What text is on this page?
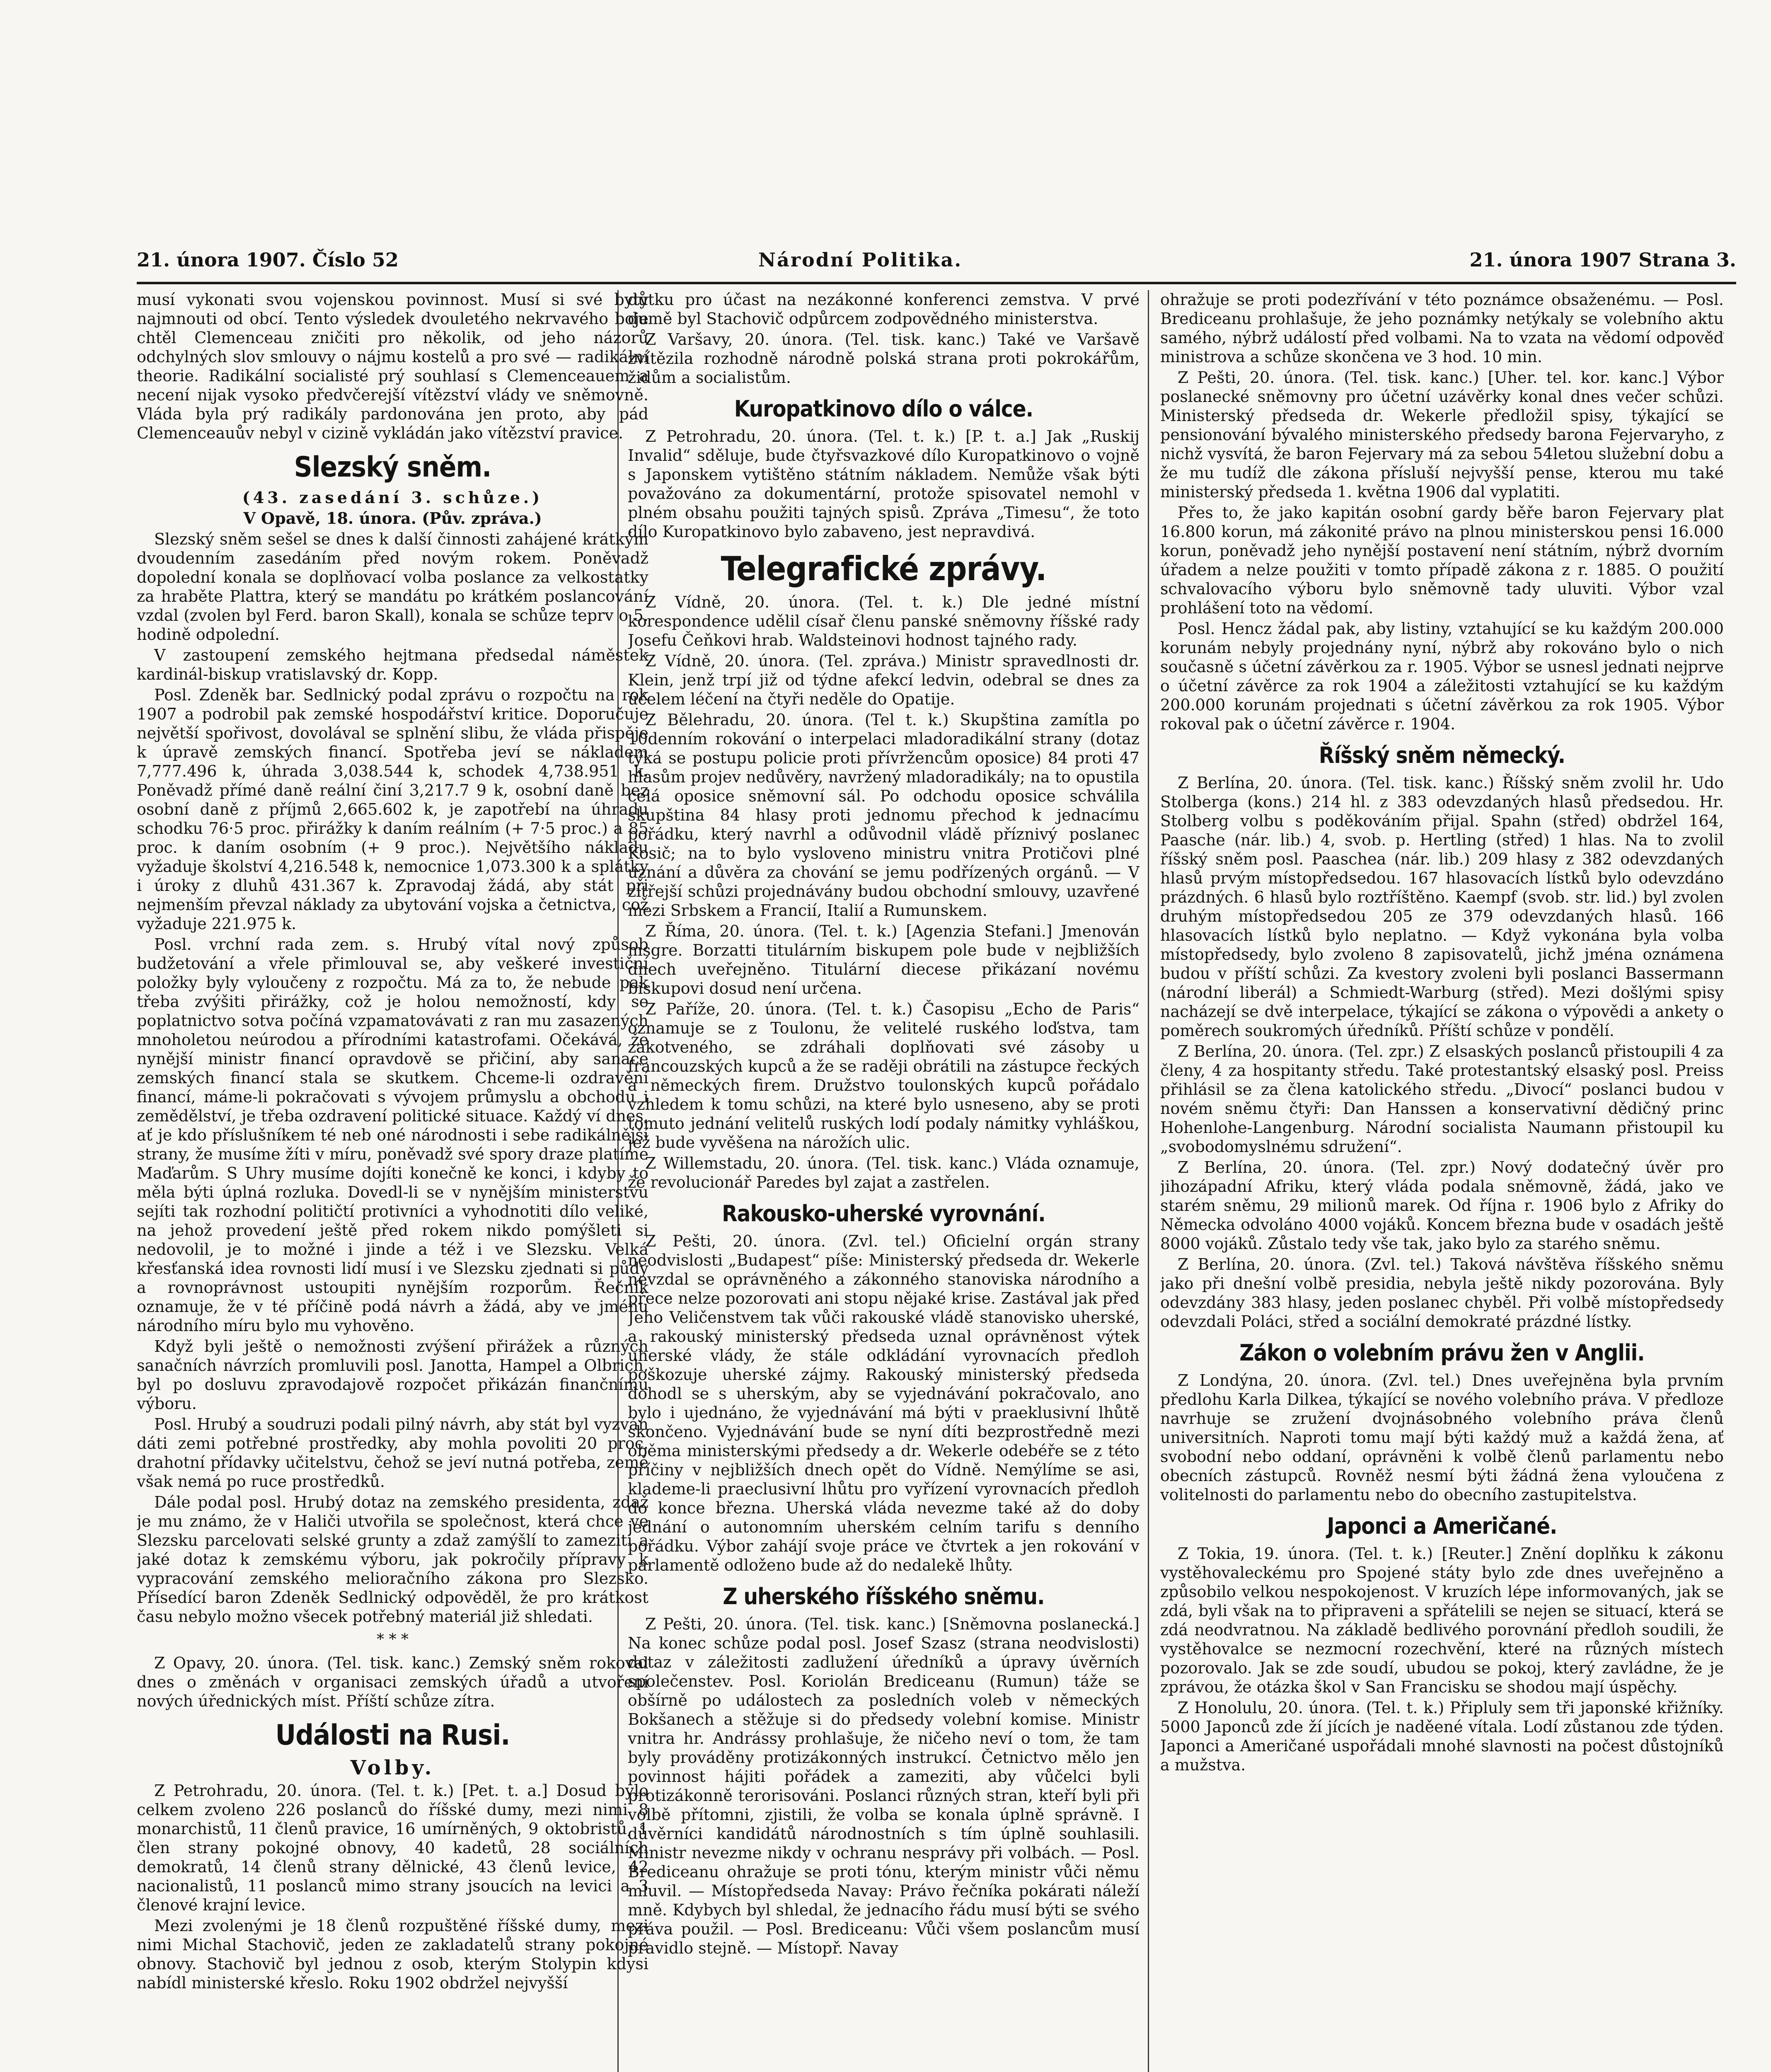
21. února 1907. Číslo 52	Národní Politika.	21. února 1907 Strana 3.

musí vykonati svou vojenskou povinnost. Musí si své byty najmnouti od obcí. Tento výsledek dvouletého nekrvavého boje chtěl Clemenceau zničiti pro několik, od jeho názorů odchylných slov smlouvy o nájmu kostelů a pro své — radikální theorie. Radikální socialisté prý souhlasí s Clemenceauem a necení nijak vysoko předvčerejší vítězství vlády ve sněmovně. Vláda byla prý radikály pardonována jen proto, aby pád Clemenceauův nebyl v cizině vykládán jako vítězství pravice.

Slezský sněm.

(43. zasedání 3. schůze.)

V Opavě, 18. února. (Pův. zpráva.)

Slezský sněm sešel se dnes k další činnosti zahájené krátkým dvoudenním zasedáním před novým rokem. Poněvadž dopolední konala se doplňovací volba poslance za velkostatky za hraběte Plattra, který se mandátu po krátkém poslancování vzdal (zvolen byl Ferd. baron Skall), konala se schůze teprv o 5. hodině odpolední.

V zastoupení zemského hejtmana předsedal náměstek kardinál-biskup vratislavský dr. Kopp.

Posl. Zdeněk bar. Sedlnický podal zprávu o rozpočtu na rok 1907 a podrobil pak zemské hospodářství kritice. Doporučuje největší spořivost, dovolával se splnění slibu, že vláda přispěje k úpravě zemských financí. Spotřeba jeví se nákladem 7,777.496 k, úhrada 3,038.544 k, schodek 4,738.951 k. Poněvadž přímé daně reální činí 3,217.7 9 k, osobní daně bez osobní daně z příjmů 2,665.602 k, je zapotřebí na úhradu schodku 76·5 proc. přirážky k daním reálním (+ 7·5 proc.) a 85 proc. k daním osobním (+ 9 proc.). Největšího nákladu vyžaduje školství 4,216.548 k, nemocnice 1,073.300 k a splátky i úroky z dluhů 431.367 k. Zpravodaj žádá, aby stát při nejmenším převzal náklady za ubytování vojska a četnictva, což vyžaduje 221.975 k.

Posl. vrchní rada zem. s. Hrubý vítal nový způsob budžetování a vřele přimlouval se, aby veškeré investiční položky byly vyloučeny z rozpočtu. Má za to, že nebude pak třeba zvýšiti přirážky, což je holou nemožností, kdy se poplatnictvo sotva počíná vzpamatovávati z ran mu zasazených mnoholetou neúrodou a přírodními katastrofami. Očekává, že nynější ministr financí opravdově se přičiní, aby sanace zemských financí stala se skutkem. Chceme-li ozdravění financí, máme-li pokračovati s vývojem průmyslu a obchodu i zemědělství, je třeba ozdravení politické situace. Každý ví dnes, ať je kdo příslušníkem té neb oné národnosti i sebe radikálnější strany, že musíme žíti v míru, poněvadž své spory draze platíme Maďarům. S Uhry musíme dojíti konečně ke konci, i kdyby to měla býti úplná rozluka. Dovedl-li se v nynějším ministerstvu sejíti tak rozhodní političtí protivníci a vyhodnotiti dílo veliké, na jehož provedení ještě před rokem nikdo pomýšleti si nedovolil, je to možné i jinde a též i ve Slezsku. Velká křesťanská idea rovnosti lidí musí i ve Slezsku zjednati si půdy a rovnoprávnost ustoupiti nynějším rozporům. Řečník oznamuje, že v té příčině podá návrh a žádá, aby ve jménu národního míru bylo mu vyhověno.

Když byli ještě o nemožnosti zvýšení přirážek a různých sanačních návrzích promluvili posl. Janotta, Hampel a Olbrich, byl po dosluvu zpravodajově rozpočet přikázán finančnímu výboru.

Posl. Hrubý a soudruzi podali pilný návrh, aby stát byl vyzván dáti zemi potřebné prostředky, aby mohla povoliti 20 proc. drahotní přídavky učitelstvu, čehož se jeví nutná potřeba, země však nemá po ruce prostředků.

Dále podal posl. Hrubý dotaz na zemského presidenta, zdaž je mu známo, že v Haliči utvořila se společnost, která chce ve Slezsku parcelovati selské grunty a zdaž zamýšlí to zameziti a jaké dotaz k zemskému výboru, jak pokročily přípravy k vypracování zemského melioračního zákona pro Slezsko. Přísedící baron Zdeněk Sedlnický odpověděl, že pro krátkost času nebylo možno všecek potřebný materiál již shledati.

* * *

Z Opavy, 20. února. (Tel. tisk. kanc.) Zemský sněm rokoval dnes o změnách v organisaci zemských úřadů a utvoření nových úřednických míst. Příští schůze zítra.

Události na Rusi.

Volby.

Z Petrohradu, 20. února. (Tel. t. k.) [Pet. t. a.] Dosud bylo celkem zvoleno 226 poslanců do říšské dumy, mezi nimi 8 monarchistů, 11 členů pravice, 16 umírněných, 9 oktobristů, 1 člen strany pokojné obnovy, 40 kadetů, 28 sociálních demokratů, 14 členů strany dělnické, 43 členů levice, 42 nacionalistů, 11 poslanců mimo strany jsoucích na levici a 3 členové krajní levice.

Mezi zvolenými je 18 členů rozpuštěné říšské dumy, mezi nimi Michal Stachovič, jeden ze zakladatelů strany pokojné obnovy. Stachovič byl jednou z osob, kterým Stolypin kdysi nabídl ministerské křeslo. Roku 1902 obdržel nejvyšší

důtku pro účast na nezákonné konferenci zemstva. V prvé dumě byl Stachovič odpůrcem zodpovědného ministerstva.

Z Varšavy, 20. února. (Tel. tisk. kanc.) Také ve Varšavě zvítězila rozhodně národně polská strana proti pokrokářům, židům a socialistům.

Kuropatkinovo dílo o válce.

Z Petrohradu, 20. února. (Tel. t. k.) [P. t. a.] Jak „Ruskij Invalid“ sděluje, bude čtyřsvazkové dílo Kuropatkinovo o vojně s Japonskem vytištěno státním nákladem. Nemůže však býti považováno za dokumentární, protože spisovatel nemohl v plném obsahu použiti tajných spisů. Zpráva „Timesu“, že toto dílo Kuropatkinovo bylo zabaveno, jest nepravdivá.

Telegrafické zprávy.

Z Vídně, 20. února. (Tel. t. k.) Dle jedné místní korespondence udělil císař členu panské sněmovny říšské rady Josefu Čeňkovi hrab. Waldsteinovi hodnost tajného rady.

Z Vídně, 20. února. (Tel. zpráva.) Ministr spravedlnosti dr. Klein, jenž trpí již od týdne afekcí ledvin, odebral se dnes za účelem léčení na čtyři neděle do Opatije.

Z Bělehradu, 20. února. (Tel t. k.) Skupština zamítla po 10denním rokování o interpelaci mladoradikální strany (dotaz týká se postupu policie proti přívržencům oposice) 84 proti 47 hlasům projev nedůvěry, navržený mladoradikály; na to opustila celá oposice sněmovní sál. Po odchodu oposice schválila skupština 84 hlasy proti jednomu přechod k jednacímu pořádku, který navrhl a odůvodnil vládě příznivý poslanec Kosič; na to bylo vysloveno ministru vnitra Protičovi plné uznání a důvěra za chování se jemu podřízených orgánů. — V zítřejší schůzi projednávány budou obchodní smlouvy, uzavřené mezi Srbskem a Francií, Italií a Rumunskem.

Z Říma, 20. února. (Tel. t. k.) [Agenzia Stefani.] Jmenován msgre. Borzatti titulárním biskupem pole bude v nejbližších dnech uveřejněno. Titulární diecese přikázaní novému biskupovi dosud není určena.

Z Paříže, 20. února. (Tel. t. k.) Časopisu „Echo de Paris“ oznamuje se z Toulonu, že velitelé ruského loďstva, tam zakotveného, se zdráhali doplňovati své zásoby u francouzských kupců a že se raději obrátili na zástupce řeckých a německých firem. Družstvo toulonských kupců pořádalo vzhledem k tomu schůzi, na které bylo usneseno, aby se proti tomuto jednání velitelů ruských lodí podaly námitky vyhláškou, jež bude vyvěšena na nárožích ulic.

Z Willemstadu, 20. února. (Tel. tisk. kanc.) Vláda oznamuje, že revolucionář Paredes byl zajat a zastřelen.

Rakousko-uherské vyrovnání.

Z Pešti, 20. února. (Zvl. tel.) Oficielní orgán strany neodvislosti „Budapest“ píše: Ministerský předseda dr. Wekerle nevzdal se oprávněného a zákonného stanoviska národního a přece nelze pozorovati ani stopu nějaké krise. Zastával jak před Jeho Veličenstvem tak vůči rakouské vládě stanovisko uherské, a rakouský ministerský předseda uznal oprávněnost výtek uherské vlády, že stále odkládání vyrovnacích předloh poškozuje uherské zájmy. Rakouský ministerský předseda dohodl se s uherským, aby se vyjednávání pokračovalo, ano bylo i ujednáno, že vyjednávání má býti v praeklusivní lhůtě skončeno. Vyjednávání bude se nyní díti bezprostředně mezi oběma ministerskými předsedy a dr. Wekerle odebéře se z této příčiny v nejbližších dnech opět do Vídně. Nemýlíme se asi, klademe-li praeclusivní lhůtu pro vyřízení vyrovnacích předloh do konce března. Uherská vláda nevezme také až do doby jednání o autonomním uherském celním tarifu s denního pořádku. Výbor zahájí svoje práce ve čtvrtek a jen rokování v parlamentě odloženo bude až do nedalekě lhůty.

Z uherského říšského sněmu.

Z Pešti, 20. února. (Tel. tisk. kanc.) [Sněmovna poslanecká.] Na konec schůze podal posl. Josef Szasz (strana neodvislosti) dotaz v záležitosti zadlužení úředníků a úpravy úvěrních společenstev. Posl. Koriolán Brediceanu (Rumun) táže se obšírně po událostech za posledních voleb v německých Bokšanech a stěžuje si do předsedy volební komise. Ministr vnitra hr. Andrássy prohlašuje, že ničeho neví o tom, že tam byly prováděny protizákonných instrukcí. Četnictvo mělo jen povinnost hájiti pořádek a zameziti, aby vůčelci byli protizákonně terorisováni. Poslanci různých stran, kteří byli při volbě přítomni, zjistili, že volba se konala úplně správně. I důvěrníci kandidátů národnostních s tím úplně souhlasili. Ministr nevezme nikdy v ochranu nesprávy při volbách. — Posl. Brediceanu ohražuje se proti tónu, kterým ministr vůči němu mluvil. — Místopředseda Navay: Právo řečníka pokárati náleží mně. Kdybych byl shledal, že jednacího řádu musí býti se svého práva použil. — Posl. Brediceanu: Vůči všem poslancům musí pravidlo stejně. — Místopř. Navay

ohražuje se proti podezřívání v této poznámce obsaženému. — Posl. Brediceanu prohlašuje, že jeho poznámky netýkaly se volebního aktu samého, nýbrž událostí před volbami. Na to vzata na vědomí odpověď ministrova a schůze skončena ve 3 hod. 10 min.

Z Pešti, 20. února. (Tel. tisk. kanc.) [Uher. tel. kor. kanc.] Výbor poslanecké sněmovny pro účetní uzávěrky konal dnes večer schůzi. Ministerský předseda dr. Wekerle předložil spisy, týkající se pensionování bývalého ministerského předsedy barona Fejervaryho, z nichž vysvítá, že baron Fejervary má za sebou 54letou služební dobu a že mu tudíž dle zákona přísluší nejvyšší pense, kterou mu také ministerský předseda 1. května 1906 dal vyplatiti.

Přes to, že jako kapitán osobní gardy běře baron Fejervary plat 16.800 korun, má zákonité právo na plnou ministerskou pensi 16.000 korun, poněvadž jeho nynější postavení není státním, nýbrž dvorním úřadem a nelze použiti v tomto případě zákona z r. 1885. O použití schvalovacího výboru bylo sněmovně tady uluviti. Výbor vzal prohlášení toto na vědomí.

Posl. Hencz žádal pak, aby listiny, vztahující se ku každým 200.000 korunám nebyly projednány nyní, nýbrž aby rokováno bylo o nich současně s účetní závěrkou za r. 1905. Výbor se usnesl jednati nejprve o účetní závěrce za rok 1904 a záležitosti vztahující se ku každým 200.000 korunám projednati s účetní závěrkou za rok 1905. Výbor rokoval pak o účetní závěrce r. 1904.

Říšský sněm německý.

Z Berlína, 20. února. (Tel. tisk. kanc.) Říšský sněm zvolil hr. Udo Stolberga (kons.) 214 hl. z 383 odevzdaných hlasů předsedou. Hr. Stolberg volbu s poděkováním přijal. Spahn (střed) obdržel 164, Paasche (nár. lib.) 4, svob. p. Hertling (střed) 1 hlas. Na to zvolil říšský sněm posl. Paaschea (nár. lib.) 209 hlasy z 382 odevzdaných hlasů prvým místopředsedou. 167 hlasovacích lístků bylo odevzdáno prázdných. 6 hlasů bylo roztříštěno. Kaempf (svob. str. lid.) byl zvolen druhým místopředsedou 205 ze 379 odevzdaných hlasů. 166 hlasovacích lístků bylo neplatno. — Když vykonána byla volba místopředsedy, bylo zvoleno 8 zapisovatelů, jichž jména oznámena budou v příští schůzi. Za kvestory zvoleni byli poslanci Bassermann (národní liberál) a Schmiedt-Warburg (střed). Mezi došlými spisy nacházejí se dvě interpelace, týkající se zákona o výpovědi a ankety o poměrech soukromých úředníků. Příští schůze v pondělí.

Z Berlína, 20. února. (Tel. zpr.) Z elsaských poslanců přistoupili 4 za členy, 4 za hospitanty středu. Také protestantský elsaský posl. Preiss přihlásil se za člena katolického středu. „Divocí“ poslanci budou v novém sněmu čtyři: Dan Hanssen a konservativní dědičný princ Hohenlohe-Langenburg. Národní socialista Naumann přistoupil ku „svobodomyslnému sdružení“.

Z Berlína, 20. února. (Tel. zpr.) Nový dodatečný úvěr pro jihozápadní Afriku, který vláda podala sněmovně, žádá, jako ve starém sněmu, 29 milionů marek. Od října r. 1906 bylo z Afriky do Německa odvoláno 4000 vojáků. Koncem března bude v osadách ještě 8000 vojáků. Zůstalo tedy vše tak, jako bylo za starého sněmu.

Z Berlína, 20. února. (Zvl. tel.) Taková návštěva říšského sněmu jako při dnešní volbě presidia, nebyla ještě nikdy pozorována. Byly odevzdány 383 hlasy, jeden poslanec chyběl. Při volbě místopředsedy odevzdali Poláci, střed a sociální demokraté prázdné lístky.

Zákon o volebním právu žen v Anglii.

Z Londýna, 20. února. (Zvl. tel.) Dnes uveřejněna byla prvním předlohu Karla Dilkea, týkající se nového volebního práva. V předloze navrhuje se zružení dvojnásobného volebního práva členů universitních. Naproti tomu mají býti každý muž a každá žena, ať svobodní nebo oddaní, oprávněni k volbě členů parlamentu nebo obecních zástupců. Rovněž nesmí býti žádná žena vyloučena z volitelnosti do parlamentu nebo do obecního zastupitelstva.

Japonci a Američané.

Z Tokia, 19. února. (Tel. t. k.) [Reuter.] Znění doplňku k zákonu vystěhovaleckému pro Spojené státy bylo zde dnes uveřejněno a způsobilo velkou nespokojenost. V kruzích lépe informovaných, jak se zdá, byli však na to připraveni a spřátelili se nejen se situací, která se zdá neodvratnou. Na základě bedlivého porovnání předloh soudili, že vystěhovalce se nezmocní rozechvění, které na různých místech pozorovalo. Jak se zde soudí, ubudou se pokoj, který zavládne, že je zprávou, že otázka škol v San Francisku se shodou mají úspěchy.

Z Honolulu, 20. února. (Tel. t. k.) Připluly sem tři japonské křižníky. 5000 Japonců zde ží jících je naděené vítala. Lodí zůstanou zde týden. Japonci a Američané uspořádali mnohé slavnosti na počest důstojníků a mužstva.
